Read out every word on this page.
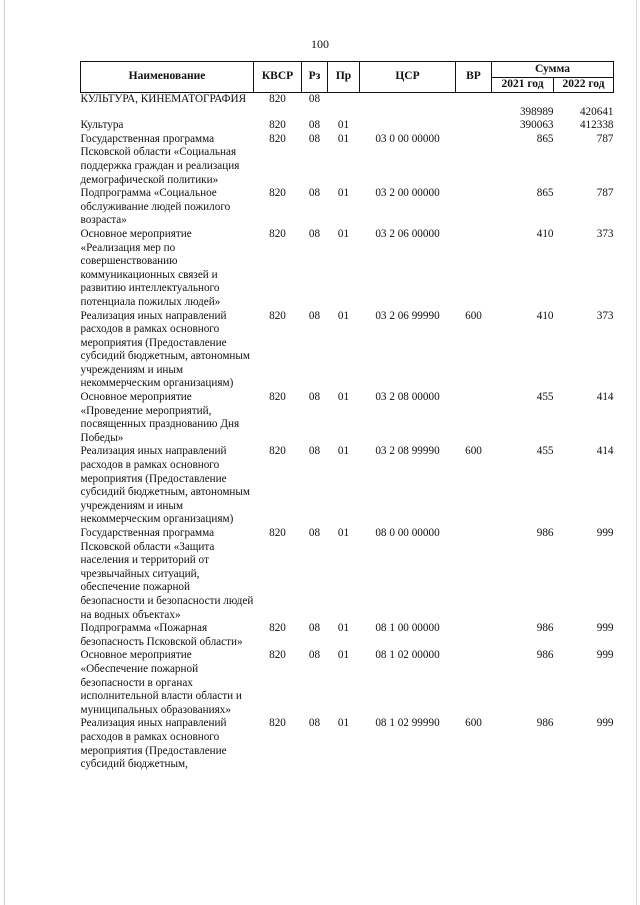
100
Наименование	КВСР	Рз	Пр	ЦСР	ВР	Сумма	
						2021 год	2022 год
КУЛЬТУРА, КИНЕМАТОГРАФИЯ	820	08				398989	420641
Культура	820	08	01			390063	412338
Государственная программа Псковской области «Социальная поддержка граждан и реализация демографической политики»	820	08	01	03 0 00 00000		865	787
Подпрограмма «Социальное обслуживание людей пожилого возраста»	820	08	01	03 2 00 00000		865	787
Основное мероприятие «Реализация мер по совершенствованию коммуникационных связей и развитию интеллектуального потенциала пожилых людей»	820	08	01	03 2 06 00000		410	373
Реализация иных направлений расходов в рамках основного мероприятия (Предоставление субсидий бюджетным, автономным учреждениям и иным некоммерческим организациям)	820	08	01	03 2 06 99990	600	410	373
Основное мероприятие «Проведение мероприятий, посвященных празднованию Дня Победы»	820	08	01	03 2 08 00000		455	414
Реализация иных направлений расходов в рамках основного мероприятия (Предоставление субсидий бюджетным, автономным учреждениям и иным некоммерческим организациям)	820	08	01	03 2 08 99990	600	455	414
Государственная программа Псковской области «Защита населения и территорий от чрезвычайных ситуаций, обеспечение пожарной безопасности и безопасности людей на водных объектах»	820	08	01	08 0 00 00000		986	999
Подпрограмма «Пожарная безопасность Псковской области»	820	08	01	08 1 00 00000		986	999
Основное мероприятие «Обеспечение пожарной безопасности в органах исполнительной власти области и муниципальных образованиях»	820	08	01	08 1 02 00000		986	999
Реализация иных направлений расходов в рамках основного мероприятия (Предоставление субсидий бюджетным,	820	08	01	08 1 02 99990	600	986	999
